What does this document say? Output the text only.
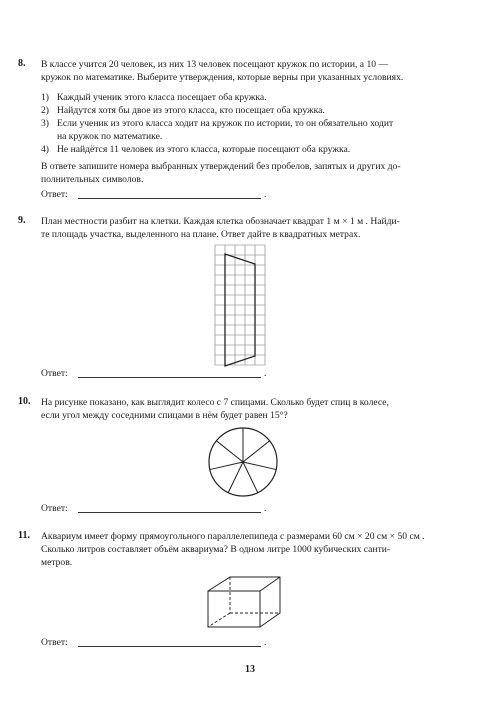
8. В классе учится 20 человек, из них 13 человек посещают кружок по истории, а 10 —
кружок по математике. Выберите утверждения, которые верны при указанных условиях.
1) Каждый ученик этого класса посещает оба кружка.
2) Найдутся хотя бы двое из этого класса, кто посещает оба кружка.
3) Если ученик из этого класса ходит на кружок по истории, то он обязательно ходит
на кружок по математике.
4) Не найдётся 11 человек из этого класса, которые посещают оба кружка.
В ответе запишите номера выбранных утверждений без пробелов, запятых и других до-
полнительных символов.
Ответ:	.
9. План местности разбит на клетки. Каждая клетка обозначает квадрат 1 м × 1 м . Найди-
те площадь участка, выделенного на плане. Ответ дайте в квадратных метрах.
Ответ:	.
10. На рисунке показано, как выглядит колесо с 7 спицами. Сколько будет спиц в колесе,
если угол между соседними спицами в нём будет равен 15°?
Ответ:	.
11. Аквариум имеет форму прямоугольного параллелепипеда с размерами 60 см × 20 см × 50 см .
Сколько литров составляет объём аквариума? В одном литре 1000 кубических санти-
метров.
Ответ:	.
13
